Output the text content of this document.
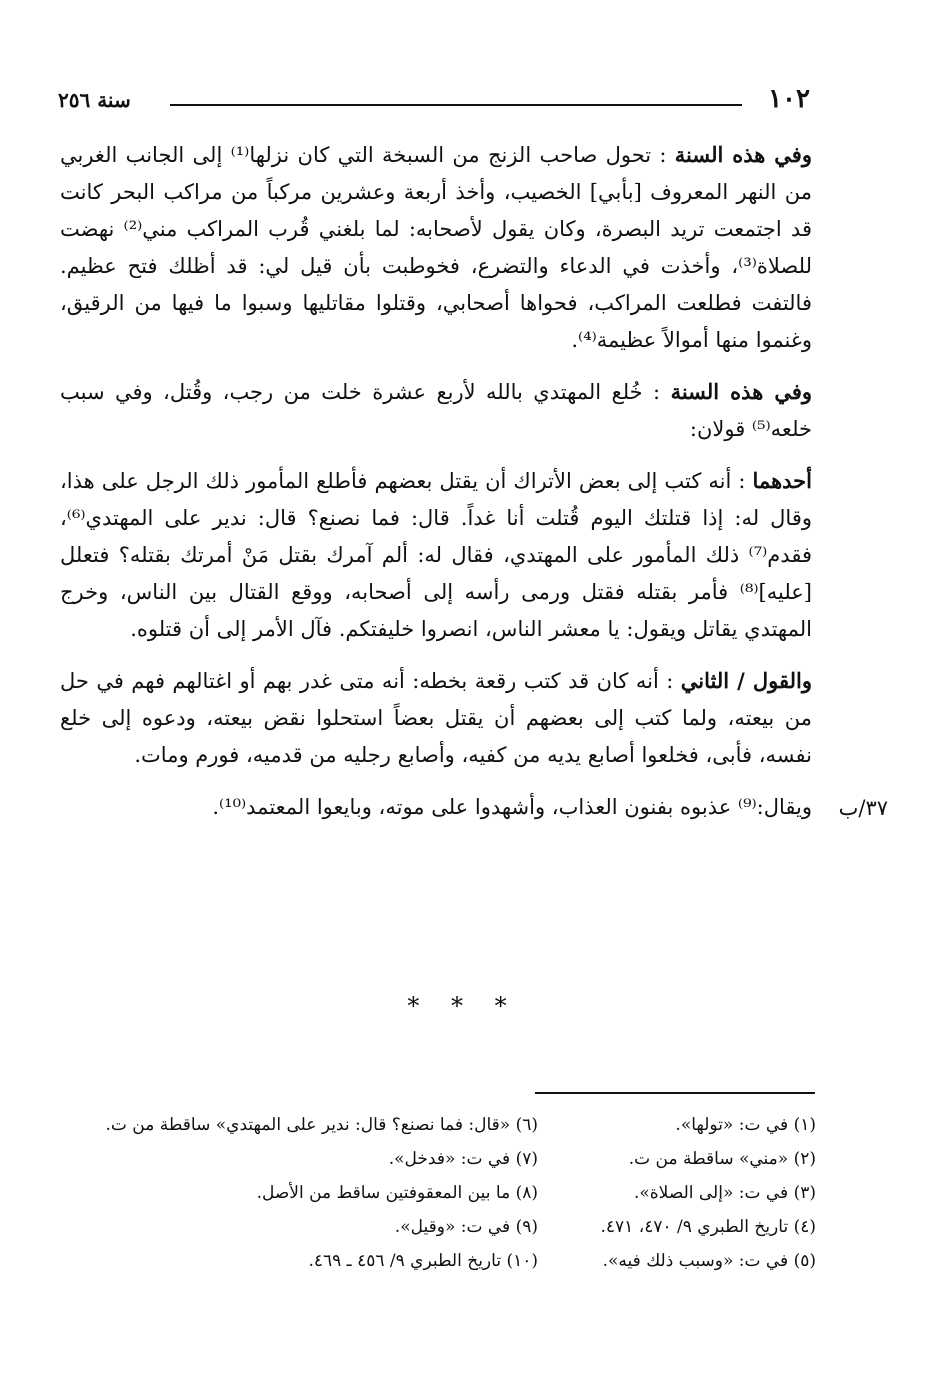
١٠٢
سنة ٢٥٦

وفي هذه السنة : تحول صاحب الزنج من السبخة التي كان نزلها⁽¹⁾ إلى الجانب الغربي من النهر المعروف [بأبي] الخصيب، وأخذ أربعة وعشرين مركباً من مراكب البحر كانت قد اجتمعت تريد البصرة، وكان يقول لأصحابه: لما بلغني قُرب المراكب مني⁽²⁾ نهضت للصلاة⁽³⁾، وأخذت في الدعاء والتضرع، فخوطبت بأن قيل لي: قد أظلك فتح عظيم. فالتفت فطلعت المراكب، فحواها أصحابي، وقتلوا مقاتليها وسبوا ما فيها من الرقيق، وغنموا منها أموالاً عظيمة⁽⁴⁾.

وفي هذه السنة : خُلع المهتدي بالله لأربع عشرة خلت من رجب، وقُتل، وفي سبب خلعه⁽⁵⁾ قولان:

أحدهما : أنه كتب إلى بعض الأتراك أن يقتل بعضهم فأطلع المأمور ذلك الرجل على هذا، وقال له: إذا قتلتك اليوم قُتلت أنا غداً. قال: فما نصنع؟ قال: ندير على المهتدي⁽⁶⁾، فقدم⁽⁷⁾ ذلك المأمور على المهتدي، فقال له: ألم آمرك بقتل مَنْ أمرتك بقتله؟ فتعلل [عليه]⁽⁸⁾ فأمر بقتله فقتل ورمى رأسه إلى أصحابه، ووقع القتال بين الناس، وخرج المهتدي يقاتل ويقول: يا معشر الناس، انصروا خليفتكم. فآل الأمر إلى أن قتلوه.

والقول / الثاني : أنه كان قد كتب رقعة بخطه: أنه متى غدر بهم أو اغتالهم فهم في حل من بيعته، ولما كتب إلى بعضهم أن يقتل بعضاً استحلوا نقض بيعته، ودعوه إلى خلع نفسه، فأبى، فخلعوا أصابع يديه من كفيه، وأصابع رجليه من قدميه، فورم ومات.

ويقال:⁽⁹⁾ عذبوه بفنون العذاب، وأشهدوا على موته، وبايعوا المعتمد⁽¹⁰⁾.	٣٧/ب
* * *
(١) في ت: «تولها».
(٢) «مني» ساقطة من ت.
(٣) في ت: «إلى الصلاة».
(٤) تاريخ الطبري ٩/ ٤٧٠، ٤٧١.
(٥) في ت: «وسبب ذلك فيه».
(٦) «قال: فما نصنع؟ قال: ندير على المهتدي» ساقطة من ت.
(٧) في ت: «فدخل».
(٨) ما بين المعقوفتين ساقط من الأصل.
(٩) في ت: «وقيل».
(١٠) تاريخ الطبري ٩/ ٤٥٦ ـ ٤٦٩.
